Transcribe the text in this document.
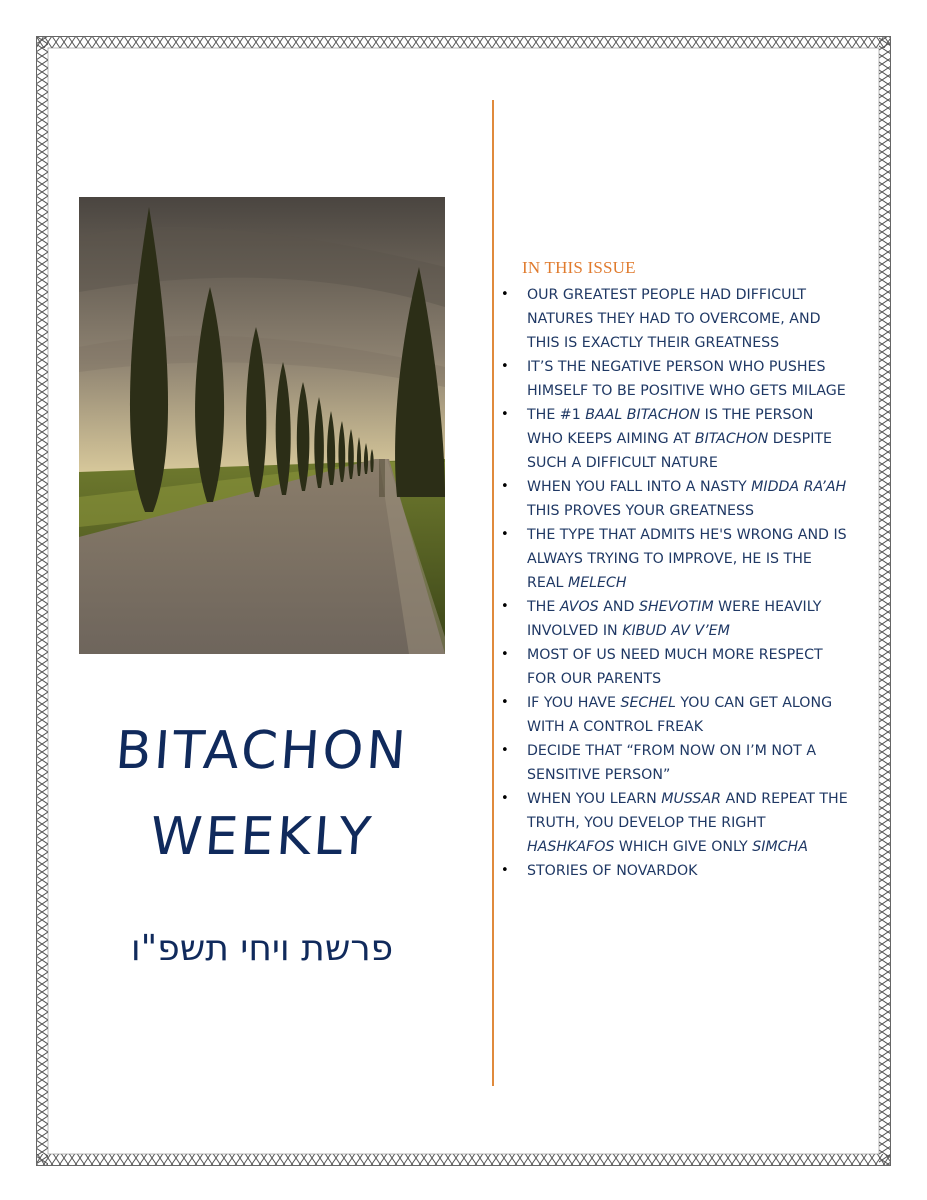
BITACHON
WEEKLY
פרשת ויחי תשפ"ו
IN THIS ISSUE
• OUR GREATEST PEOPLE HAD DIFFICULT NATURES THEY HAD TO OVERCOME, AND THIS IS EXACTLY THEIR GREATNESS
• IT’S THE NEGATIVE PERSON WHO PUSHES HIMSELF TO BE POSITIVE WHO GETS MILAGE
• THE #1 BAAL BITACHON IS THE PERSON WHO KEEPS AIMING AT BITACHON DESPITE SUCH A DIFFICULT NATURE
• WHEN YOU FALL INTO A NASTY MIDDA RA’AH THIS PROVES YOUR GREATNESS
• THE TYPE THAT ADMITS HE'S WRONG AND IS ALWAYS TRYING TO IMPROVE, HE IS THE REAL MELECH
• THE AVOS AND SHEVOTIM WERE HEAVILY INVOLVED IN KIBUD AV V’EM
• MOST OF US NEED MUCH MORE RESPECT FOR OUR PARENTS
• IF YOU HAVE SECHEL YOU CAN GET ALONG WITH A CONTROL FREAK
• DECIDE THAT “FROM NOW ON I’M NOT A SENSITIVE PERSON”
• WHEN YOU LEARN MUSSAR AND REPEAT THE TRUTH, YOU DEVELOP THE RIGHT HASHKAFOS WHICH GIVE ONLY SIMCHA
• STORIES OF NOVARDOK
